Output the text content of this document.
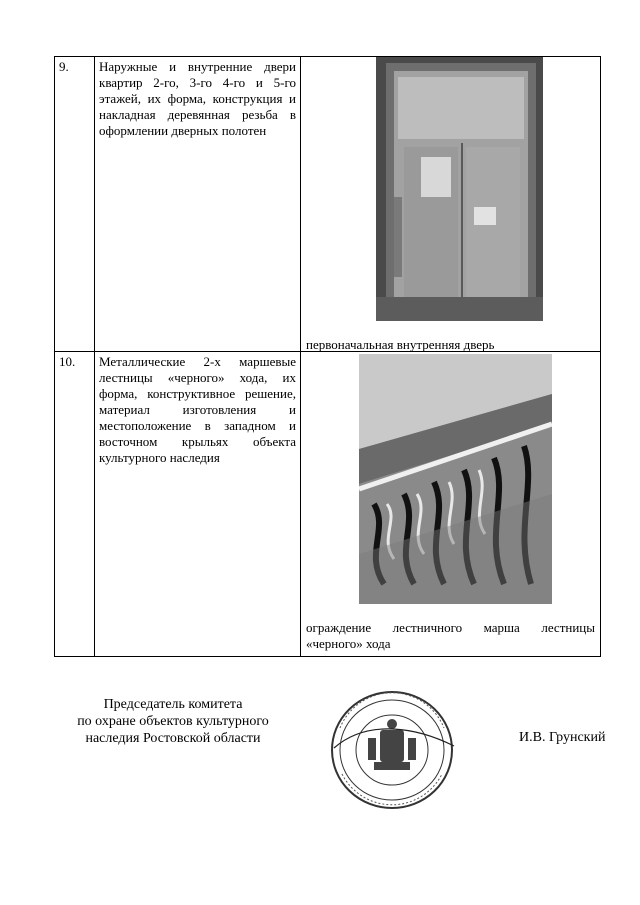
9.	Наружные и внутренние двери квартир 2-го, 3-го 4-го и 5-го этажей, их форма, конструкция и накладная деревянная резьба в оформлении дверных полотен	первоначальная внутренняя дверь

10.	Металлические 2-х маршевые лестницы «черного» хода, их форма, конструктивное решение, материал изготовления и местоположение в западном и восточном крыльях объекта культурного наследия	ограждение лестничного марша лестницы «черного» хода
Председатель комитета
по охране объектов культурного
наследия Ростовской области	И.В. Грунский
